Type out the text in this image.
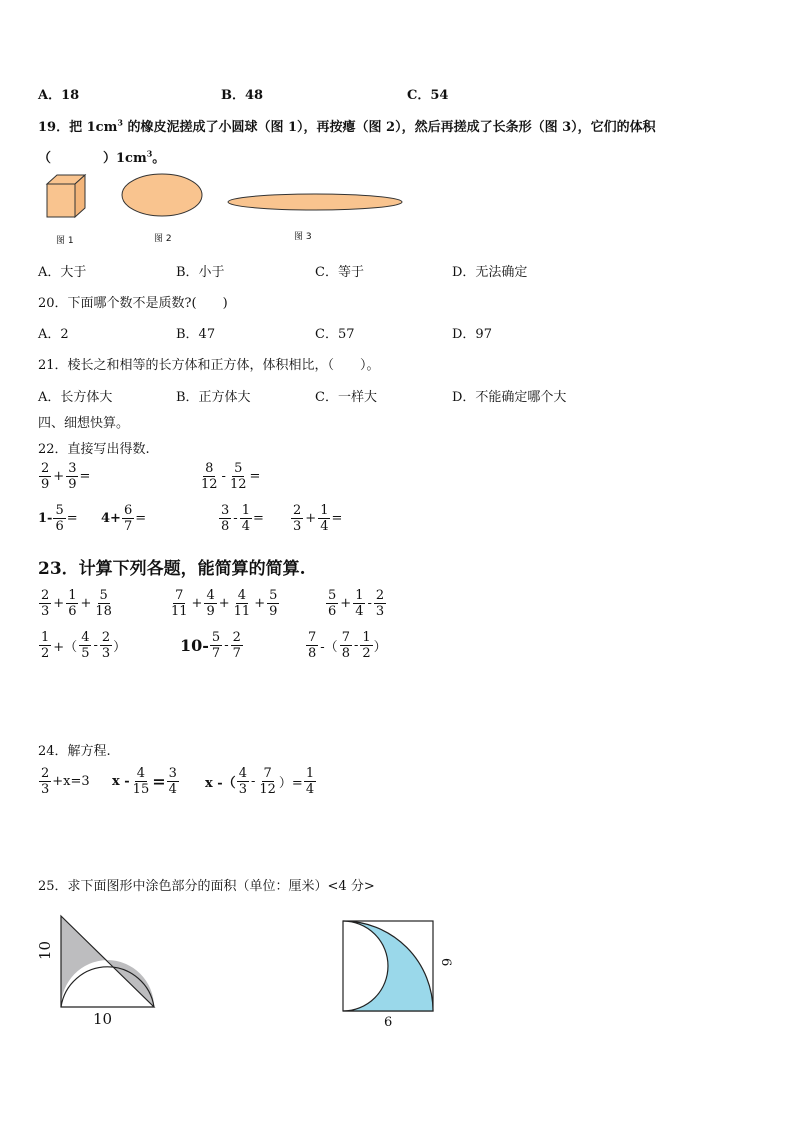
A．18	B．48	C．54
19．把 $1cm^3$ 的橡皮泥搓成了小圆球（图 1），再按瘪（图 2），然后再搓成了长条形（图 3），它们的体积
（　　　　）$1cm^3$。
图 1	图 2	图 3
A．大于	B．小于	C．等于	D．无法确定
20．下面哪个数不是质数?(　　)
A．2	B．47	C．57	D．97
21．棱长之和相等的长方体和正方体，体积相比，（　　）。
A．长方体大	B．正方体大	C．一样大	D．不能确定哪个大
四、细想快算。
22．直接写出得数.
$\frac{2}{9} + \frac{3}{9}$ =	$\frac{8}{12} - \frac{5}{12}$ =
$1- \frac{5}{6} = 4+ \frac{6}{7}$ =	$\frac{3}{8} - \frac{1}{4} = \frac{2}{3} + \frac{1}{4}$ =
23．计算下列各题，能简算的简算.
$\frac{2}{3} + \frac{1}{6} + \frac{5}{18}$	$\frac{7}{11} + \frac{4}{9} + \frac{4}{11} + \frac{5}{9}$	$\frac{5}{6} + \frac{1}{4} - \frac{2}{3}$
$\frac{1}{2}$ +（ $\frac{4}{5} - \frac{2}{3}$ ）	$10- \frac{5}{7} - \frac{2}{7}$	$\frac{7}{8}$ -（ $\frac{7}{8} - \frac{1}{2}$ ）
24．解方程.
$\frac{2}{3} +x=3$ $x - \frac{4}{15} = \frac{3}{4}$ x -（ $\frac{4}{3} - \frac{7}{12}$ ）= $\frac{1}{4}$
25．求下面图形中涂色部分的面积（单位：厘米）<4 分>
10
10
6
6
